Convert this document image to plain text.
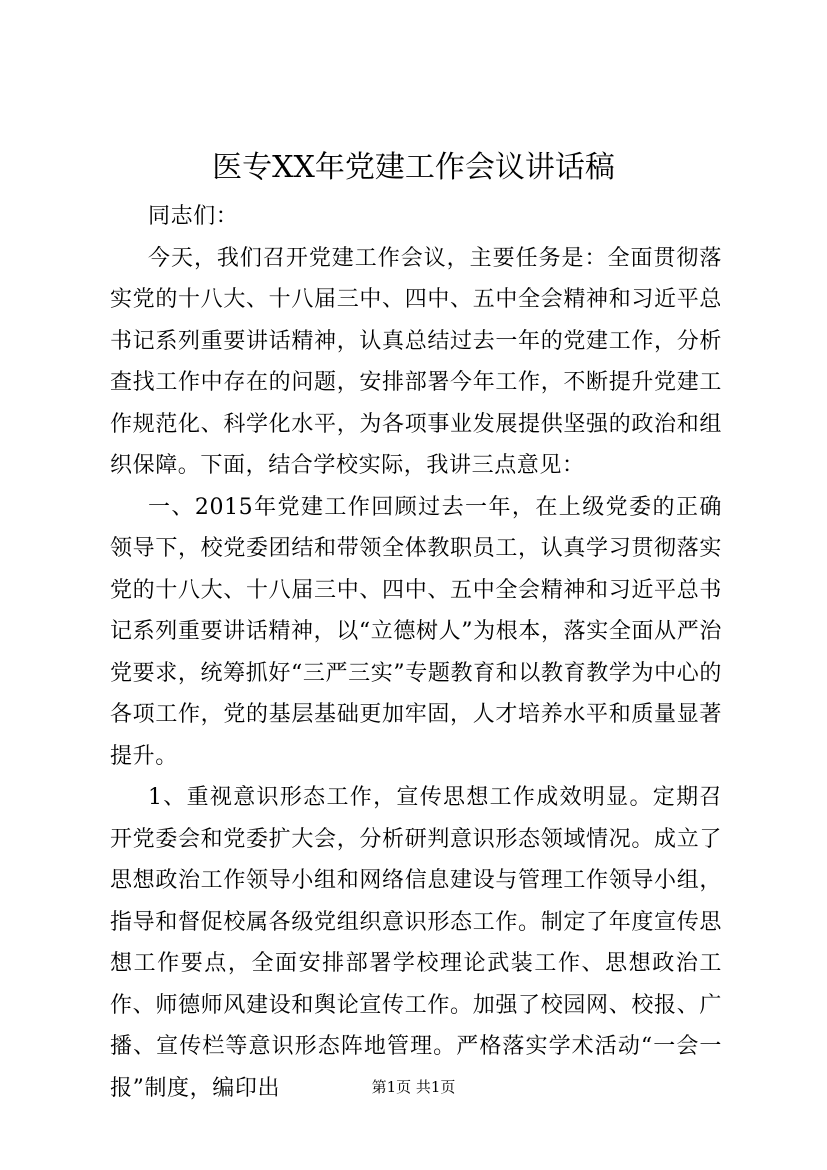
医专XX年党建工作会议讲话稿

同志们：

今天，我们召开党建工作会议，主要任务是：全面贯彻落实党的十八大、十八届三中、四中、五中全会精神和习近平总书记系列重要讲话精神，认真总结过去一年的党建工作，分析查找工作中存在的问题，安排部署今年工作，不断提升党建工作规范化、科学化水平，为各项事业发展提供坚强的政治和组织保障。下面，结合学校实际，我讲三点意见：

一、2015年党建工作回顾过去一年，在上级党委的正确领导下，校党委团结和带领全体教职员工，认真学习贯彻落实党的十八大、十八届三中、四中、五中全会精神和习近平总书记系列重要讲话精神，以“立德树人”为根本，落实全面从严治党要求，统筹抓好“三严三实”专题教育和以教育教学为中心的各项工作，党的基层基础更加牢固，人才培养水平和质量显著提升。

1、重视意识形态工作，宣传思想工作成效明显。定期召开党委会和党委扩大会，分析研判意识形态领域情况。成立了思想政治工作领导小组和网络信息建设与管理工作领导小组，指导和督促校属各级党组织意识形态工作。制定了年度宣传思想工作要点，全面安排部署学校理论武装工作、思想政治工作、师德师风建设和舆论宣传工作。加强了校园网、校报、广播、宣传栏等意识形态阵地管理。严格落实学术活动“一会一报”制度，编印出	第1页 共1页
